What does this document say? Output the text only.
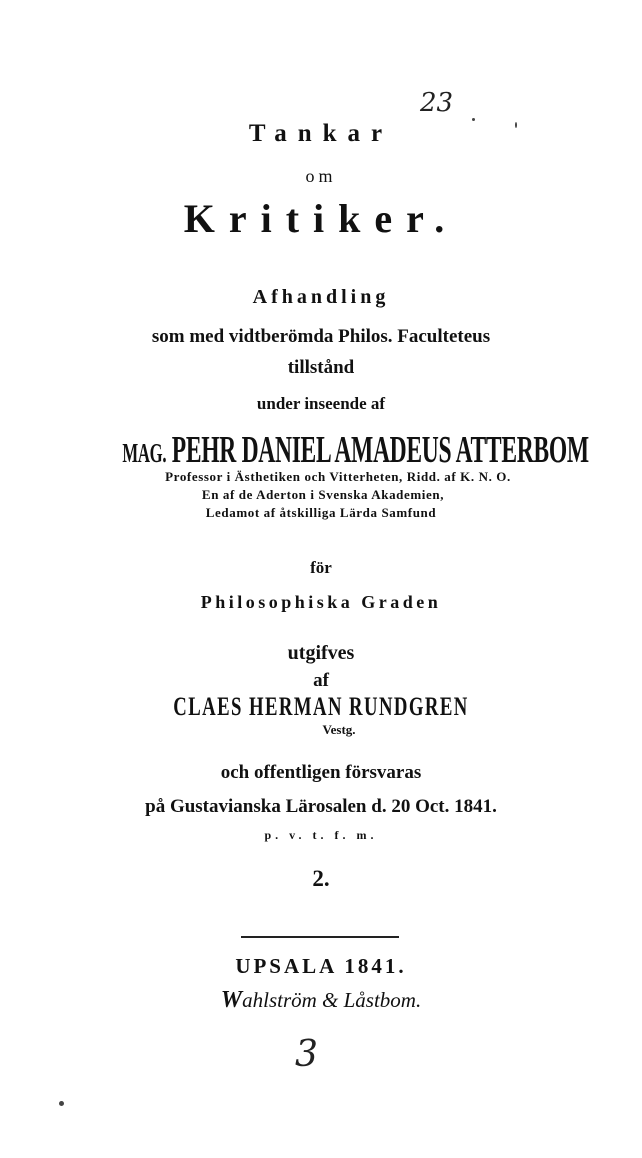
23
Tankar
om
Kritiker.
Afhandling
som med vidtberömda Philos. Faculteteus
tillstånd
under inseende af
MAG. PEHR DANIEL AMADEUS ATTERBOM
Professor i Ästhetiken och Vitterheten, Ridd. af K. N. O.
En af de Aderton i Svenska Akademien,
Ledamot af åtskilliga Lärda Samfund
för
Philosophiska Graden
utgifves
af
CLAES HERMAN RUNDGREN
Vestg.
och offentligen försvaras
på Gustavianska Lärosalen d. 20 Oct. 1841.
p. v. t. f. m.
2.
UPSALA 1841.
Wahlström & Låstbom.
3
